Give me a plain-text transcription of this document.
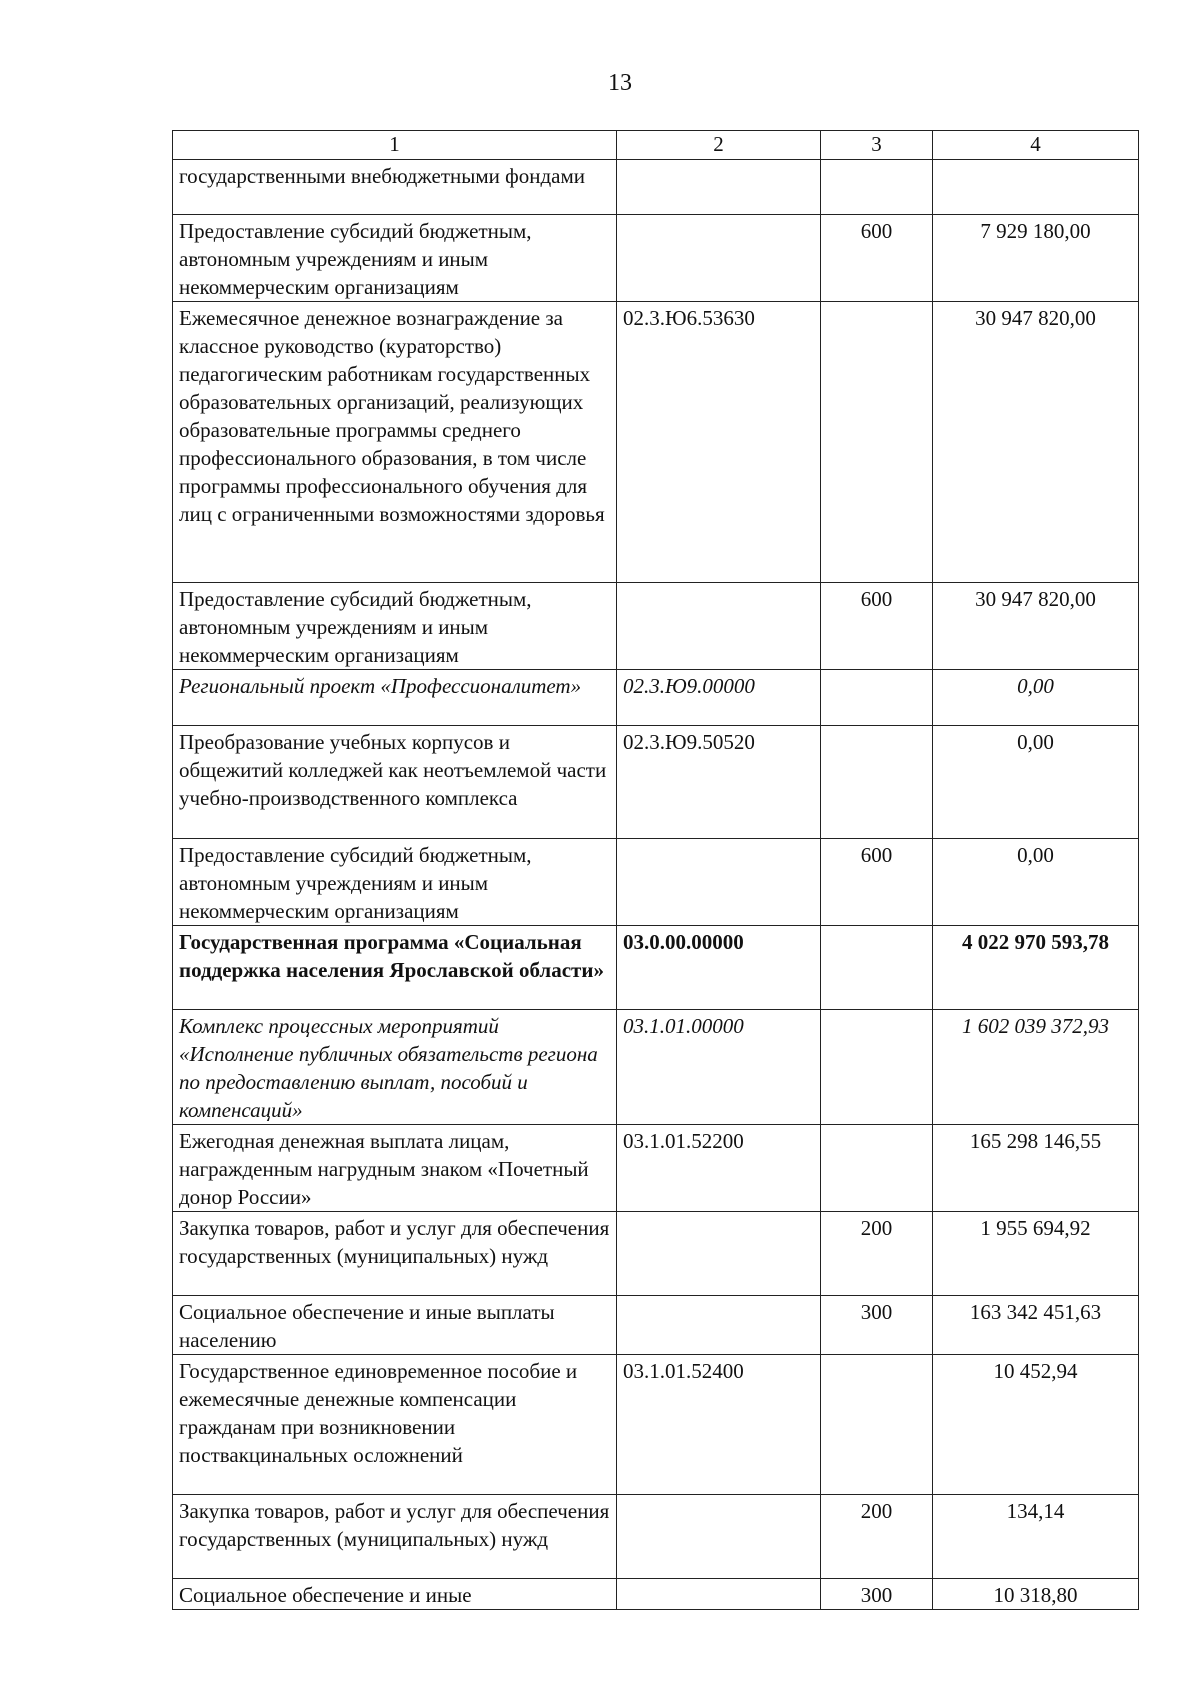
13
1	2	3	4
государственными внебюджетными фондами			
Предоставление субсидий бюджетным, автономным учреждениям и иным некоммерческим организациям		600	7 929 180,00
Ежемесячное денежное вознаграждение за классное руководство (кураторство) педагогическим работникам государственных образовательных организаций, реализующих образовательные программы среднего профессионального образования, в том числе программы профессионального обучения для лиц с ограниченными возможностями здоровья	02.3.Ю6.53630		30 947 820,00
Предоставление субсидий бюджетным, автономным учреждениям и иным некоммерческим организациям		600	30 947 820,00
Региональный проект «Профессионалитет»	02.3.Ю9.00000		0,00
Преобразование учебных корпусов и общежитий колледжей как неотъемлемой части учебно-производственного комплекса	02.3.Ю9.50520		0,00
Предоставление субсидий бюджетным, автономным учреждениям и иным некоммерческим организациям		600	0,00
Государственная программа «Социальная поддержка населения Ярославской области»	03.0.00.00000		4 022 970 593,78
Комплекс процессных мероприятий «Исполнение публичных обязательств региона по предоставлению выплат, пособий и компенсаций»	03.1.01.00000		1 602 039 372,93
Ежегодная денежная выплата лицам, награжденным нагрудным знаком «Почетный донор России»	03.1.01.52200		165 298 146,55
Закупка товаров, работ и услуг для обеспечения государственных (муниципальных) нужд		200	1 955 694,92
Социальное обеспечение и иные выплаты населению		300	163 342 451,63
Государственное единовременное пособие и ежемесячные денежные компенсации гражданам при возникновении поствакцинальных осложнений	03.1.01.52400		10 452,94
Закупка товаров, работ и услуг для обеспечения государственных (муниципальных) нужд		200	134,14
Социальное обеспечение и иные		300	10 318,80
